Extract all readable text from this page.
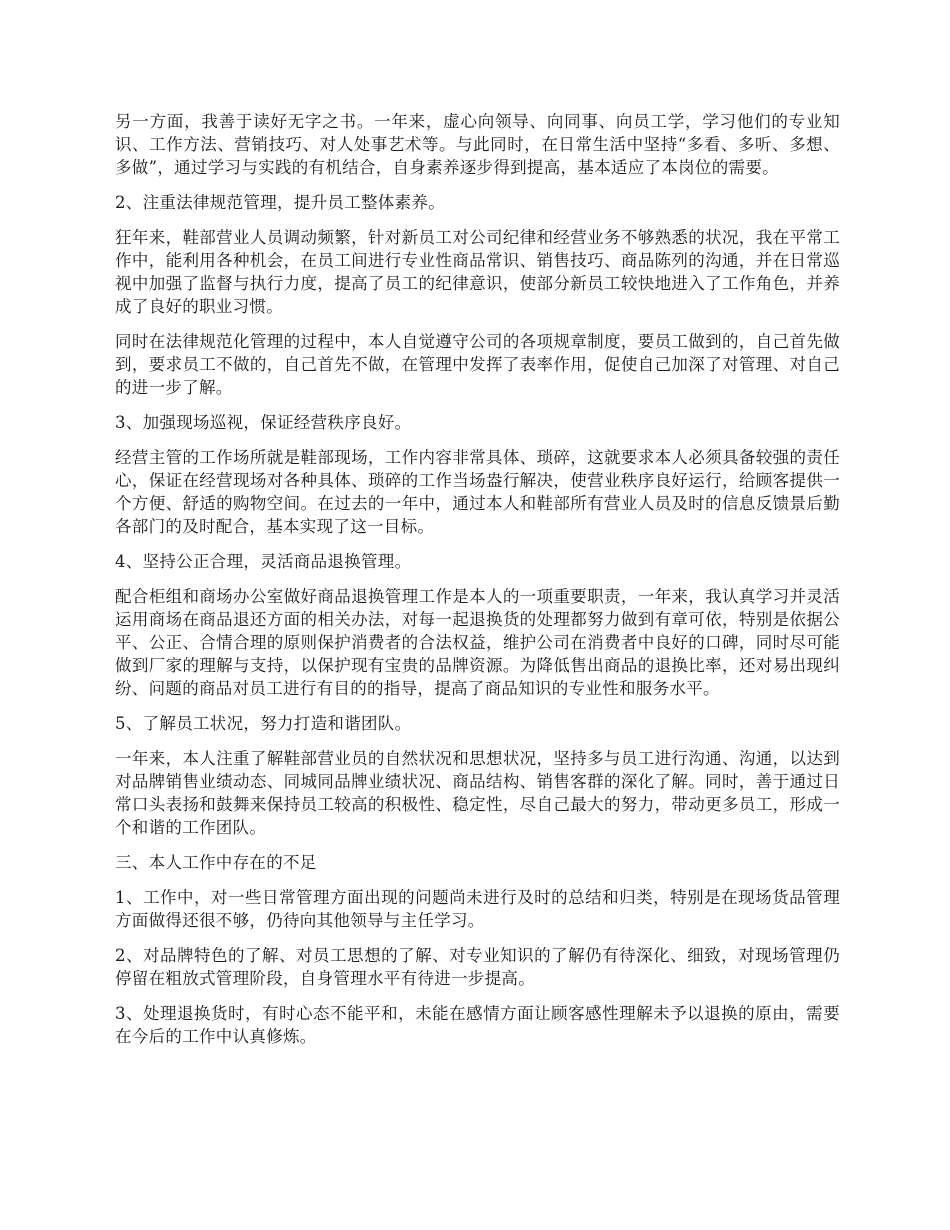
另一方面，我善于读好无字之书。一年来，虚心向领导、向同事、向员工学，学习他们的专业知识、工作方法、营销技巧、对人处事艺术等。与此同时，在日常生活中坚持“多看、多听、多想、多做”，通过学习与实践的有机结合，自身素养逐步得到提高，基本适应了本岗位的需要。

2、注重法律规范管理，提升员工整体素养。

狂年来，鞋部营业人员调动频繁，针对新员工对公司纪律和经营业务不够熟悉的状况，我在平常工作中，能利用各种机会，在员工间进行专业性商品常识、销售技巧、商品陈列的沟通，并在日常巡视中加强了监督与执行力度，提高了员工的纪律意识，使部分新员工较快地进入了工作角色，并养成了良好的职业习惯。

同时在法律规范化管理的过程中，本人自觉遵守公司的各项规章制度，要员工做到的，自己首先做到，要求员工不做的，自己首先不做，在管理中发挥了表率作用，促使自己加深了对管理、对自己的进一步了解。

3、加强现场巡视，保证经营秩序良好。

经营主管的工作场所就是鞋部现场，工作内容非常具体、琐碎，这就要求本人必须具备较强的责任心，保证在经营现场对各种具体、琐碎的工作当场盎行解决，使营业秩序良好运行，给顾客提供一个方便、舒适的购物空间。在过去的一年中，通过本人和鞋部所有营业人员及时的信息反馈景后勤各部门的及时配合，基本实现了这一目标。

4、坚持公正合理，灵活商品退换管理。

配合柜组和商场办公室做好商品退换管理工作是本人的一项重要职责，一年来，我认真学习并灵活运用商场在商品退还方面的相关办法，对每一起退换货的处理都努力做到有章可依，特别是依据公平、公正、合情合理的原则保护消费者的合法权益，维护公司在消费者中良好的口碑，同时尽可能做到厂家的理解与支持，以保护现有宝贵的品牌资源。为降低售出商品的退换比率，还对易出现纠纷、问题的商品对员工进行有目的的指导，提高了商品知识的专业性和服务水平。

5、了解员工状况，努力打造和谐团队。

一年来，本人注重了解鞋部营业员的自然状况和思想状况，坚持多与员工进行沟通、沟通，以达到对品牌销售业绩动态、同城同品牌业绩状况、商品结构、销售客群的深化了解。同时，善于通过日常口头表扬和鼓舞来保持员工较高的积极性、稳定性，尽自己最大的努力，带动更多员工，形成一个和谐的工作团队。

三、本人工作中存在的不足

1、工作中，对一些日常管理方面出现的问题尚未进行及时的总结和归类，特别是在现场货品管理方面做得还很不够，仍待向其他领导与主任学习。

2、对品牌特色的了解、对员工思想的了解、对专业知识的了解仍有待深化、细致，对现场管理仍停留在粗放式管理阶段，自身管理水平有待进一步提高。

3、处理退换货时，有时心态不能平和，未能在感情方面让顾客感性理解未予以退换的原由，需要在今后的工作中认真修炼。
